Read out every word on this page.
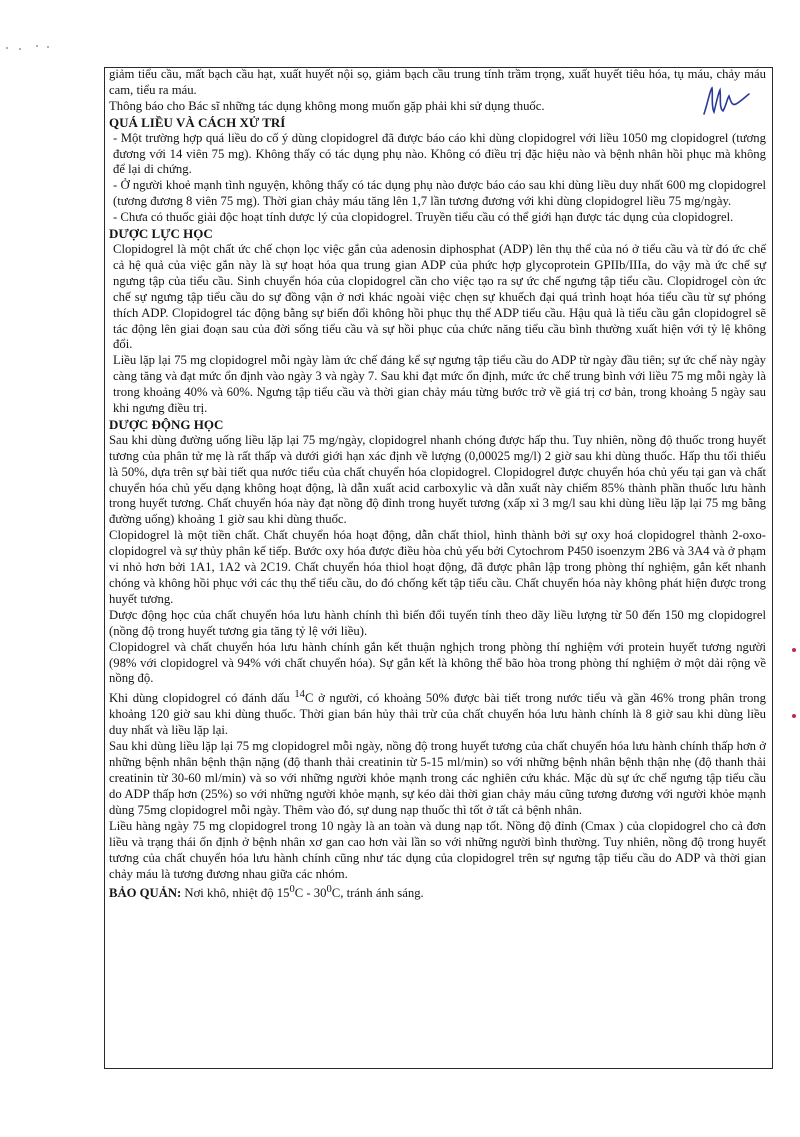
giảm tiểu cầu, mất bạch cầu hạt, xuất huyết nội sọ, giảm bạch cầu trung tính trầm trọng, xuất huyết tiêu hóa, tụ máu, chảy máu cam, tiểu ra máu.

Thông báo cho Bác sĩ những tác dụng không mong muốn gặp phải khi sử dụng thuốc.

QUÁ LIỀU VÀ CÁCH XỬ TRÍ

- Một trường hợp quá liều do cố ý dùng clopidogrel đã được báo cáo khi dùng clopidogrel với liều 1050 mg clopidogrel (tương đương với 14 viên 75 mg). Không thấy có tác dụng phụ nào. Không có điều trị đặc hiệu nào và bệnh nhân hồi phục mà không để lại di chứng.

- Ở người khoẻ mạnh tình nguyện, không thấy có tác dụng phụ nào được báo cáo sau khi dùng liều duy nhất 600 mg clopidogrel (tương đương 8 viên 75 mg). Thời gian chảy máu tăng lên 1,7 lần tương đương với khi dùng clopidogrel liều 75 mg/ngày.

- Chưa có thuốc giải độc hoạt tính dược lý của clopidogrel. Truyền tiểu cầu có thể giới hạn được tác dụng của clopidogrel.

DƯỢC LỰC HỌC

Clopidogrel là một chất ức chế chọn lọc việc gắn của adenosin diphosphat (ADP) lên thụ thể của nó ở tiểu cầu và từ đó ức chế cả hệ quả của việc gắn này là sự hoạt hóa qua trung gian ADP của phức hợp glycoprotein GPIIb/IIIa, do vậy mà ức chế sự ngưng tập của tiểu cầu. Sinh chuyển hóa của clopidogrel cần cho việc tạo ra sự ức chế ngưng tập tiểu cầu. Clopidrogel còn ức chế sự ngưng tập tiểu cầu do sự đồng vận ở nơi khác ngoài việc chẹn sự khuếch đại quá trình hoạt hóa tiểu cầu từ sự phóng thích ADP. Clopidogrel tác động bằng sự biến đổi không hồi phục thụ thể ADP tiểu cầu. Hậu quả là tiểu cầu gắn clopidogrel sẽ tác động lên giai đoạn sau của đời sống tiểu cầu và sự hồi phục của chức năng tiểu cầu bình thường xuất hiện với tỷ lệ không đổi.

Liều lặp lại 75 mg clopidogrel mỗi ngày làm ức chế đáng kể sự ngưng tập tiểu cầu do ADP từ ngày đầu tiên; sự ức chế này ngày càng tăng và đạt mức ổn định vào ngày 3 và ngày 7. Sau khi đạt mức ổn định, mức ức chế trung bình với liều 75 mg mỗi ngày là trong khoảng 40% và 60%. Ngưng tập tiểu cầu và thời gian chảy máu từng bước trở về giá trị cơ bản, trong khoảng 5 ngày sau khi ngưng điều trị.

DƯỢC ĐỘNG HỌC

Sau khi dùng đường uống liều lặp lại 75 mg/ngày, clopidogrel nhanh chóng được hấp thu. Tuy nhiên, nồng độ thuốc trong huyết tương của phân tử mẹ là rất thấp và dưới giới hạn xác định về lượng (0,00025 mg/l) 2 giờ sau khi dùng thuốc. Hấp thu tối thiểu là 50%, dựa trên sự bài tiết qua nước tiểu của chất chuyển hóa clopidogrel. Clopidogrel được chuyển hóa chủ yếu tại gan và chất chuyển hóa chủ yếu dạng không hoạt động, là dẫn xuất acid carboxylic và dẫn xuất này chiếm 85% thành phần thuốc lưu hành trong huyết tương. Chất chuyển hóa này đạt nồng độ đỉnh trong huyết tương (xấp xỉ 3 mg/l sau khi dùng liều lặp lại 75 mg bằng đường uống) khoảng 1 giờ sau khi dùng thuốc.

Clopidogrel là một tiền chất. Chất chuyển hóa hoạt động, dẫn chất thiol, hình thành bởi sự oxy hoá clopidogrel thành 2-oxo-clopidogrel và sự thủy phân kế tiếp. Bước oxy hóa được điều hòa chủ yếu bởi Cytochrom P450 isoenzym 2B6 và 3A4 và ở phạm vi nhỏ hơn bởi 1A1, 1A2 và 2C19. Chất chuyển hóa thiol hoạt động, đã được phân lập trong phòng thí nghiệm, gắn kết nhanh chóng và không hồi phục với các thụ thể tiểu cầu, do đó chống kết tập tiểu cầu. Chất chuyển hóa này không phát hiện được trong huyết tương.

Dược động học của chất chuyển hóa lưu hành chính thì biến đổi tuyến tính theo dãy liều lượng từ 50 đến 150 mg clopidogrel (nồng độ trong huyết tương gia tăng tỷ lệ với liều).

Clopidogrel và chất chuyển hóa lưu hành chính gắn kết thuận nghịch trong phòng thí nghiệm với protein huyết tương người (98% với clopidogrel và 94% với chất chuyển hóa). Sự gắn kết là không thể bão hòa trong phòng thí nghiệm ở một dải rộng về nồng độ.

Khi dùng clopidogrel có đánh dấu $^{14}$C ở người, có khoảng 50% được bài tiết trong nước tiểu và gần 46% trong phân trong khoảng 120 giờ sau khi dùng thuốc. Thời gian bán hủy thải trừ của chất chuyển hóa lưu hành chính là 8 giờ sau khi dùng liều duy nhất và liều lặp lại.

Sau khi dùng liều lặp lại 75 mg clopidogrel mỗi ngày, nồng độ trong huyết tương của chất chuyển hóa lưu hành chính thấp hơn ở những bệnh nhân bệnh thận nặng (độ thanh thải creatinin từ 5-15 ml/min) so với những bệnh nhân bệnh thận nhẹ (độ thanh thải creatinin từ 30-60 ml/min) và so với những người khỏe mạnh trong các nghiên cứu khác. Mặc dù sự ức chế ngưng tập tiểu cầu do ADP thấp hơn (25%) so với những người khỏe mạnh, sự kéo dài thời gian chảy máu cũng tương đương với người khỏe mạnh dùng 75mg clopidogrel mỗi ngày. Thêm vào đó, sự dung nạp thuốc thì tốt ở tất cả bệnh nhân.

Liều hàng ngày 75 mg clopidogrel trong 10 ngày là an toàn và dung nạp tốt. Nồng độ đỉnh (Cmax ) của clopidogrel cho cả đơn liều và trạng thái ổn định ở bệnh nhân xơ gan cao hơn vài lần so với những người bình thường. Tuy nhiên, nồng độ trong huyết tương của chất chuyển hóa lưu hành chính cũng như tác dụng của clopidogrel trên sự ngưng tập tiểu cầu do ADP và thời gian chảy máu là tương đương nhau giữa các nhóm.

BẢO QUẢN: Nơi khô, nhiệt độ $15^0C - 30^0C$, tránh ánh sáng.
